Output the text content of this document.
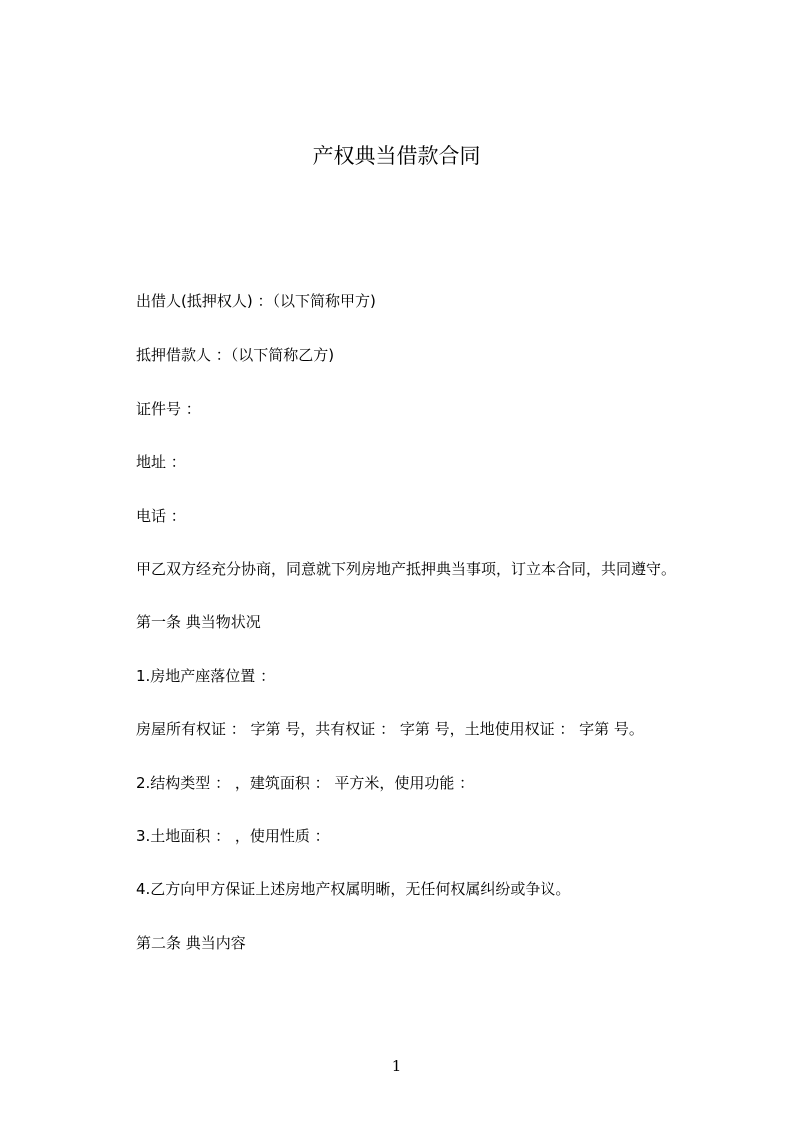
产权典当借款合同
出借人(抵押权人) ：（以下简称甲方)
抵押借款人 ：（以下简称乙方)
证件号 ：
地址 ：
电话 ：
甲乙双方经充分协商，同意就下列房地产抵押典当事项，订立本合同，共同遵守。
第一条 典当物状况
1.房地产座落位置 ：
房屋所有权证 ： 字第 号，共有权证 ： 字第 号，土地使用权证 ： 字第 号。
2.结构类型 ： ，建筑面积 ： 平方米，使用功能 ：
3.土地面积 ： ，使用性质 ：
4.乙方向甲方保证上述房地产权属明晰，无任何权属纠纷或争议。
第二条 典当内容
1
